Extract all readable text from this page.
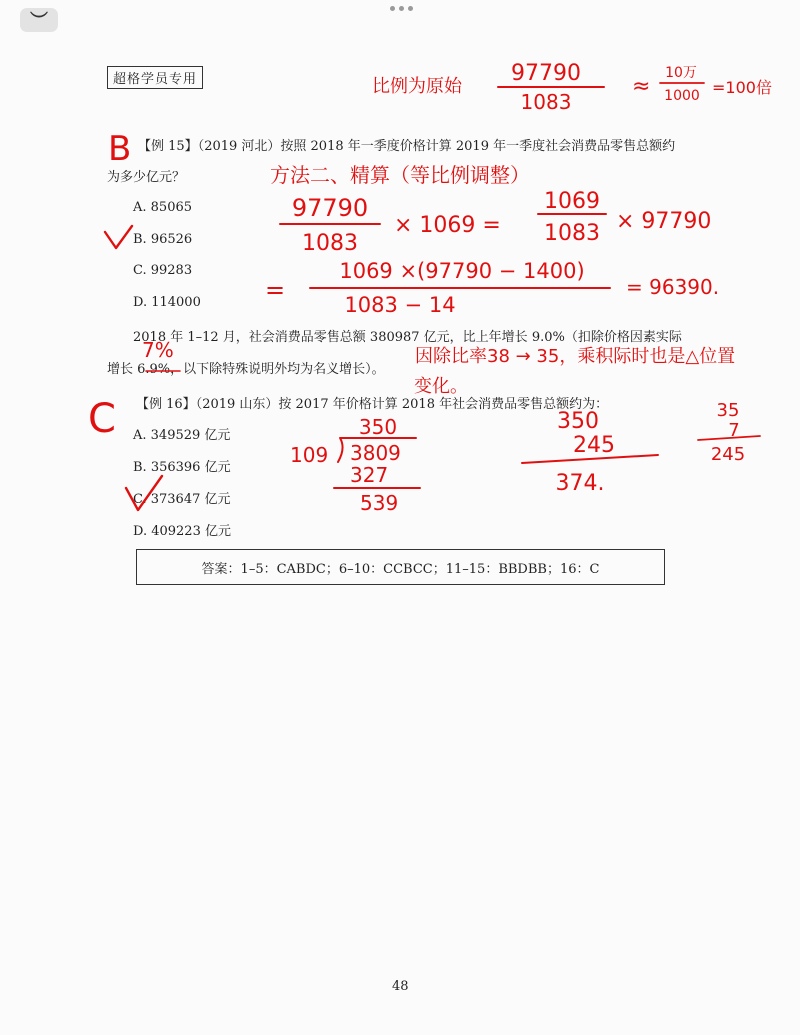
︶
超格学员专用
【例 15】（2019 河北）按照 2018 年一季度价格计算 2019 年一季度社会消费品零售总额约
为多少亿元？
A. 85065
B. 96526
C. 99283
D. 114000
2018 年 1–12 月，社会消费品零售总额 380987 亿元，比上年增长 9.0%（扣除价格因素实际
增长 6.9%，以下除特殊说明外均为名义增长）。
【例 16】（2019 山东）按 2017 年价格计算 2018 年社会消费品零售总额约为：
A. 349529 亿元
B. 356396 亿元
C. 373647 亿元
D. 409223 亿元
答案：1–5：CABDC；6–10：CCBCC；11–15：BBDBB；16：C
48
比例为原始
97790
1083
≈
10万
1000 =100倍
B
C
方法二、精算（等比例调整）
97790
1083
× 1069 =
1069
1083 × 97790
=
1069 ×(97790 − 1400)
1083 − 14
= 96390.
7%	因除比率38 → 35，乘积际时也是△位置
变化。
350
109 3809
327
539
350
245
374.
35
7
245
